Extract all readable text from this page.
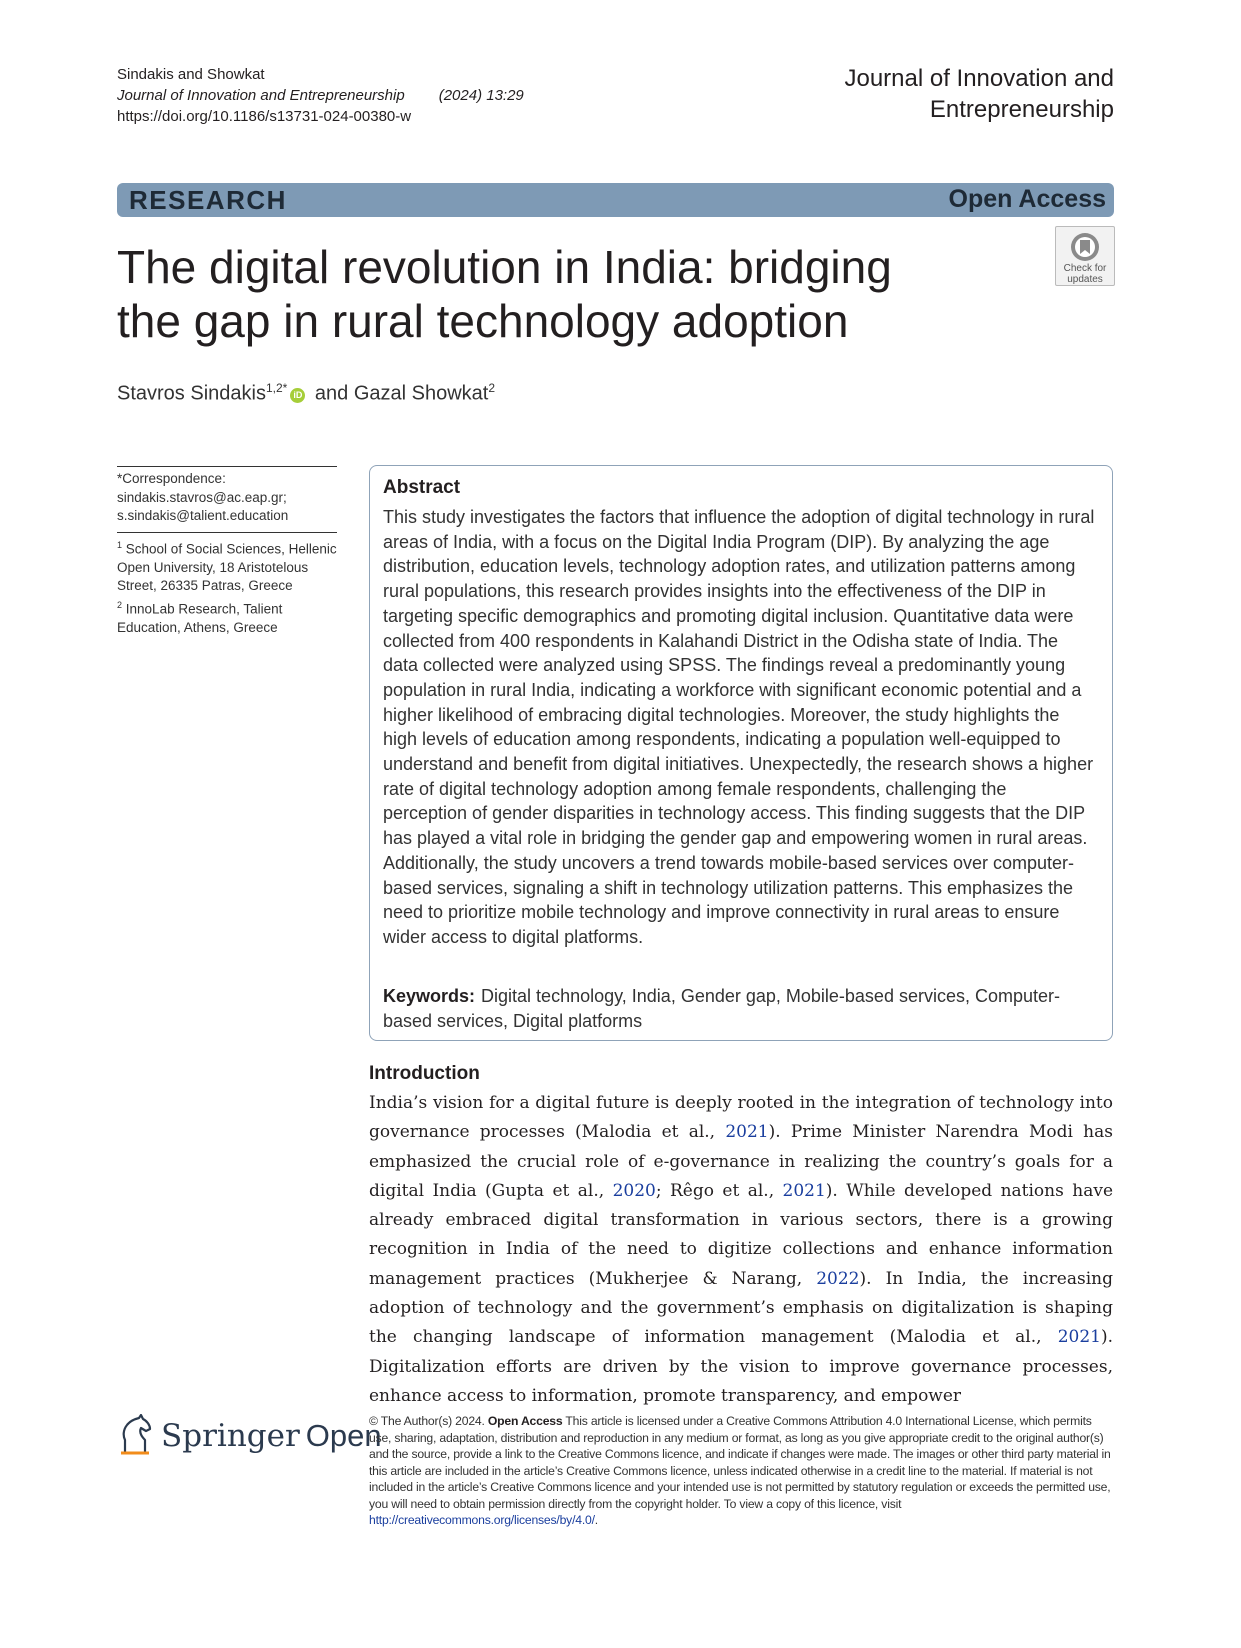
Sindakis and Showkat
Journal of Innovation and Entrepreneurship (2024) 13:29
https://doi.org/10.1186/s13731-024-00380-w
Journal of Innovation and
Entrepreneurship
RESEARCH	Open Access
The digital revolution in India: bridging the gap in rural technology adoption
Check for
updates
Stavros Sindakis$^{1,2*}$ iD and Gazal Showkat$^2$
*Correspondence:
sindakis.stavros@ac.eap.gr;
s.sindakis@talient.education
$^1$ School of Social Sciences, Hellenic Open University, 18 Aristotelous Street, 26335 Patras, Greece
$^2$ InnoLab Research, Talient Education, Athens, Greece
Abstract
This study investigates the factors that influence the adoption of digital technology in rural areas of India, with a focus on the Digital India Program (DIP). By analyzing the age distribution, education levels, technology adoption rates, and utilization patterns among rural populations, this research provides insights into the effectiveness of the DIP in targeting specific demographics and promoting digital inclusion. Quantitative data were collected from 400 respondents in Kalahandi District in the Odisha state of India. The data collected were analyzed using SPSS. The findings reveal a predominantly young population in rural India, indicating a workforce with significant economic potential and a higher likelihood of embracing digital technologies. Moreover, the study highlights the high levels of education among respondents, indicating a population well-equipped to understand and benefit from digital initiatives. Unexpectedly, the research shows a higher rate of digital technology adoption among female respondents, challenging the perception of gender disparities in technology access. This finding suggests that the DIP has played a vital role in bridging the gender gap and empowering women in rural areas. Additionally, the study uncovers a trend towards mobile-based services over computer-based services, signaling a shift in technology utilization patterns. This emphasizes the need to prioritize mobile technology and improve connectivity in rural areas to ensure wider access to digital platforms.
Keywords: Digital technology, India, Gender gap, Mobile-based services, Computer-based services, Digital platforms
Introduction
India’s vision for a digital future is deeply rooted in the integration of technology into governance processes (Malodia et al., 2021). Prime Minister Narendra Modi has emphasized the crucial role of e-governance in realizing the country’s goals for a digital India (Gupta et al., 2020; Rêgo et al., 2021). While developed nations have already embraced digital transformation in various sectors, there is a growing recognition in India of the need to digitize collections and enhance information management practices (Mukherjee & Narang, 2022). In India, the increasing adoption of technology and the government’s emphasis on digitalization is shaping the changing landscape of information management (Malodia et al., 2021). Digitalization efforts are driven by the vision to improve governance processes, enhance access to information, promote transparency, and empower
Springer Open
© The Author(s) 2024. Open Access This article is licensed under a Creative Commons Attribution 4.0 International License, which permits use, sharing, adaptation, distribution and reproduction in any medium or format, as long as you give appropriate credit to the original author(s) and the source, provide a link to the Creative Commons licence, and indicate if changes were made. The images or other third party material in this article are included in the article’s Creative Commons licence, unless indicated otherwise in a credit line to the material. If material is not included in the article’s Creative Commons licence and your intended use is not permitted by statutory regulation or exceeds the permitted use, you will need to obtain permission directly from the copyright holder. To view a copy of this licence, visit http://creativecommons.org/licenses/by/4.0/.
